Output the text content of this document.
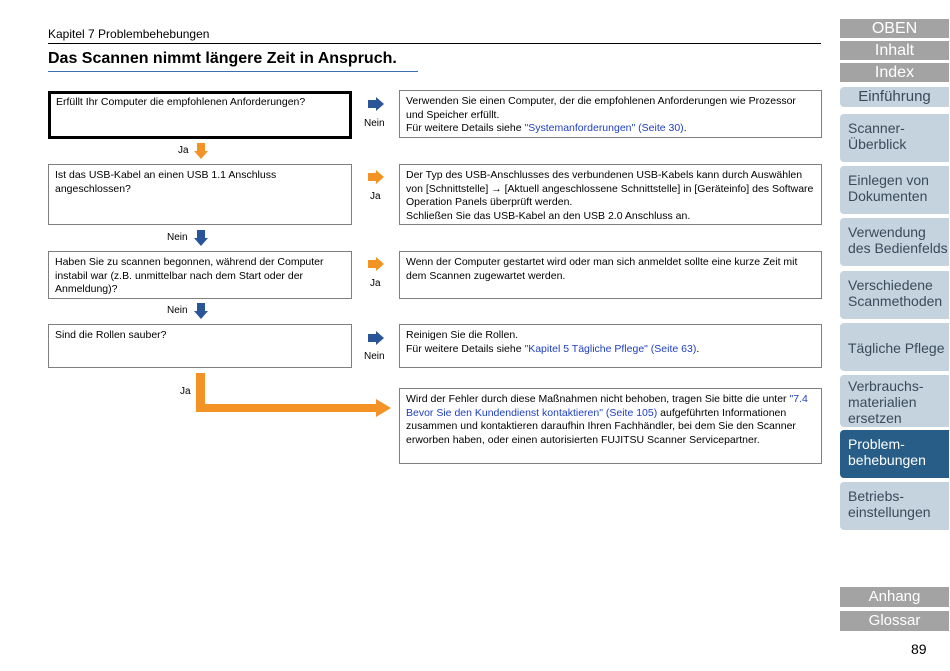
Kapitel 7 Problembehebungen
Das Scannen nimmt längere Zeit in Anspruch.
Erfüllt Ihr Computer die empfohlenen Anforderungen?
Ist das USB-Kabel an einen USB 1.1 Anschluss angeschlossen?
Haben Sie zu scannen begonnen, während der Computer instabil war (z.B. unmittelbar nach dem Start oder der Anmeldung)?
Sind die Rollen sauber?
Verwenden Sie einen Computer, der die empfohlenen Anforderungen wie Prozessor und Speicher erfüllt.
Für weitere Details siehe "Systemanforderungen" (Seite 30).
Der Typ des USB-Anschlusses des verbundenen USB-Kabels kann durch Auswählen von [Schnittstelle] → [Aktuell angeschlossene Schnittstelle] in [Geräteinfo] des Software Operation Panels überprüft werden.
Schließen Sie das USB-Kabel an den USB 2.0 Anschluss an.
Wenn der Computer gestartet wird oder man sich anmeldet sollte eine kurze Zeit mit dem Scannen zugewartet werden.
Reinigen Sie die Rollen.
Für weitere Details siehe "Kapitel 5 Tägliche Pflege" (Seite 63).
Wird der Fehler durch diese Maßnahmen nicht behoben, tragen Sie bitte die unter "7.4 Bevor Sie den Kundendienst kontaktieren" (Seite 105) aufgeführten Informationen zusammen und kontaktieren daraufhin Ihren Fachhändler, bei dem Sie den Scanner erworben haben, oder einen autorisierten FUJITSU Scanner Servicepartner.
Nein
Ja
Ja
Nein
Ja
Nein
Nein
Ja
OBEN
Inhalt
Index
Einführung
Scanner-Überblick
Einlegen von Dokumenten
Verwendung des Bedienfelds
Verschiedene Scanmethoden
Tägliche Pflege
Verbrauchs-materialien ersetzen
Problem-behebungen
Betriebs-einstellungen
Anhang
Glossar
89
